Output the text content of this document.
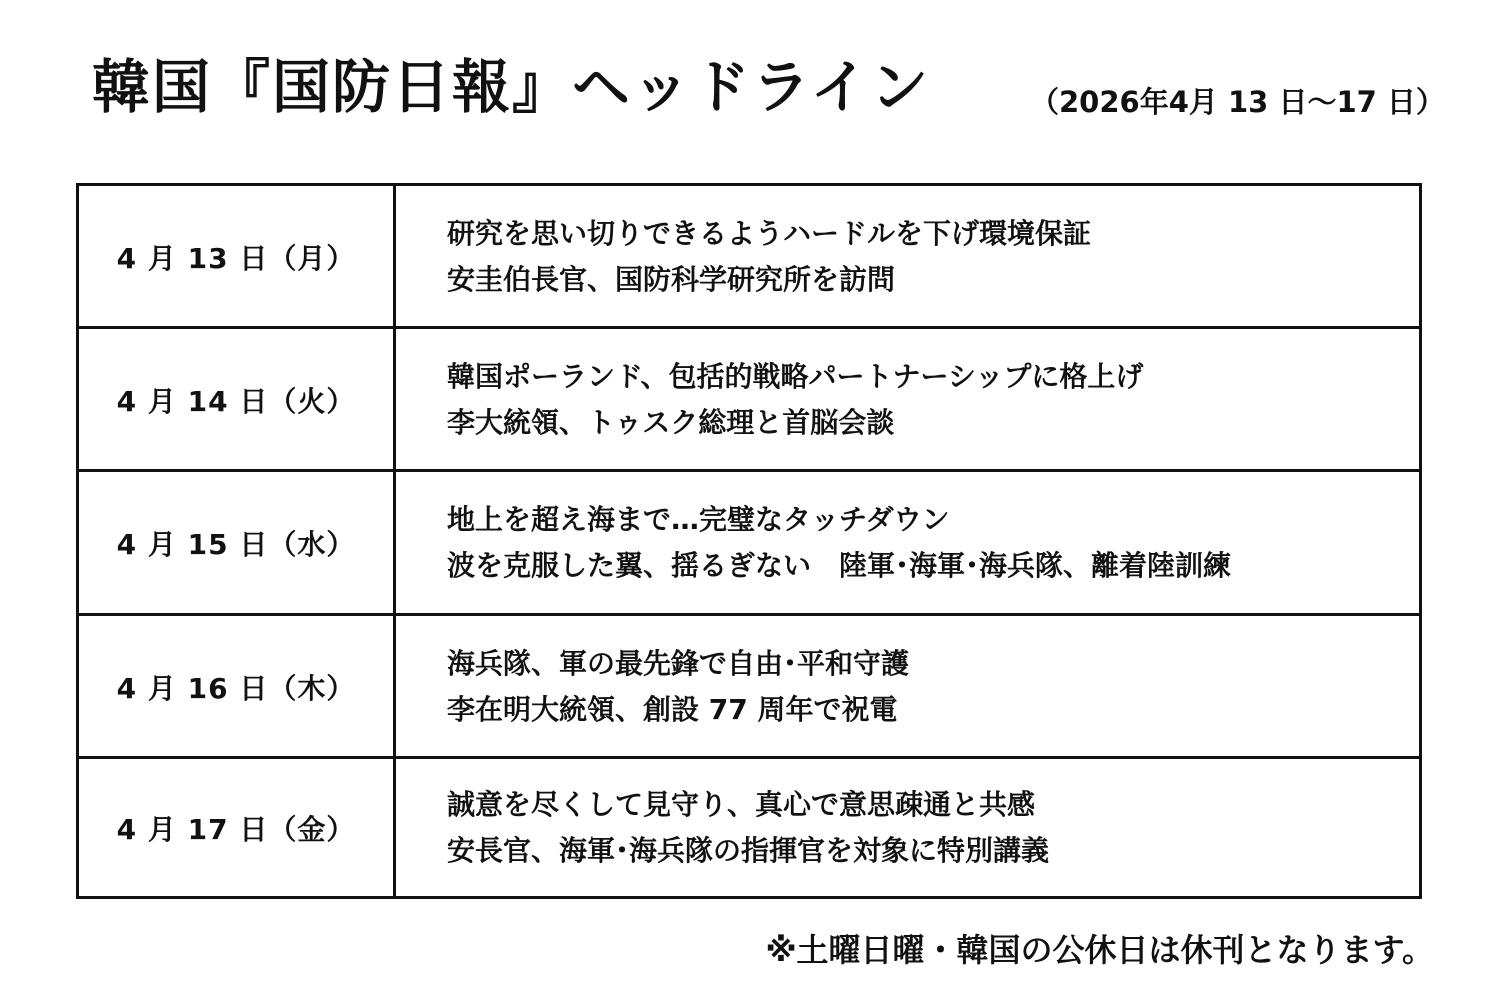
韓国『国防日報』ヘッドライン	（2026年4月 13 日～17 日）
4 月 13 日（月）
研究を思い切りできるようハードルを下げ環境保証
安圭伯長官、国防科学研究所を訪問
4 月 14 日（火）
韓国ポーランド、包括的戦略パートナーシップに格上げ
李大統領、トゥスク総理と首脳会談
4 月 15 日（水）
地上を超え海まで…完璧なタッチダウン
波を克服した翼、揺るぎない　陸軍･海軍･海兵隊、離着陸訓練
4 月 16 日（木）
海兵隊、軍の最先鋒で自由･平和守護
李在明大統領、創設 77 周年で祝電
4 月 17 日（金）
誠意を尽くして見守り、真心で意思疎通と共感
安長官、海軍･海兵隊の指揮官を対象に特別講義
※土曜日曜・韓国の公休日は休刊となります。
